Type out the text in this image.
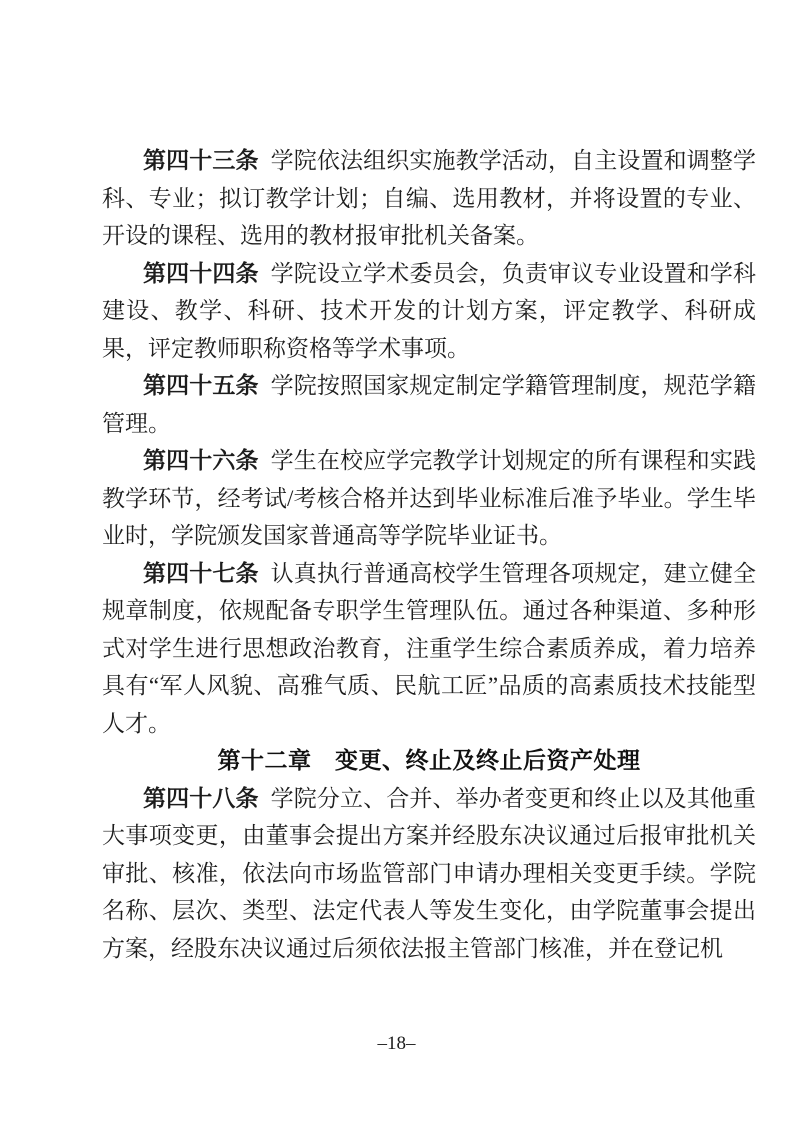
第四十三条 学院依法组织实施教学活动，自主设置和调整学科、专业；拟订教学计划；自编、选用教材，并将设置的专业、开设的课程、选用的教材报审批机关备案。

第四十四条 学院设立学术委员会，负责审议专业设置和学科建设、教学、科研、技术开发的计划方案，评定教学、科研成果，评定教师职称资格等学术事项。

第四十五条 学院按照国家规定制定学籍管理制度，规范学籍管理。

第四十六条 学生在校应学完教学计划规定的所有课程和实践教学环节，经考试/考核合格并达到毕业标准后准予毕业。学生毕业时，学院颁发国家普通高等学院毕业证书。

第四十七条 认真执行普通高校学生管理各项规定，建立健全规章制度，依规配备专职学生管理队伍。通过各种渠道、多种形式对学生进行思想政治教育，注重学生综合素质养成，着力培养具有“军人风貌、高雅气质、民航工匠”品质的高素质技术技能型人才。

第十二章　变更、终止及终止后资产处理

第四十八条 学院分立、合并、举办者变更和终止以及其他重大事项变更，由董事会提出方案并经股东决议通过后报审批机关审批、核准，依法向市场监管部门申请办理相关变更手续。学院名称、层次、类型、法定代表人等发生变化，由学院董事会提出方案，经股东决议通过后须依法报主管部门核准，并在登记机

–18–
